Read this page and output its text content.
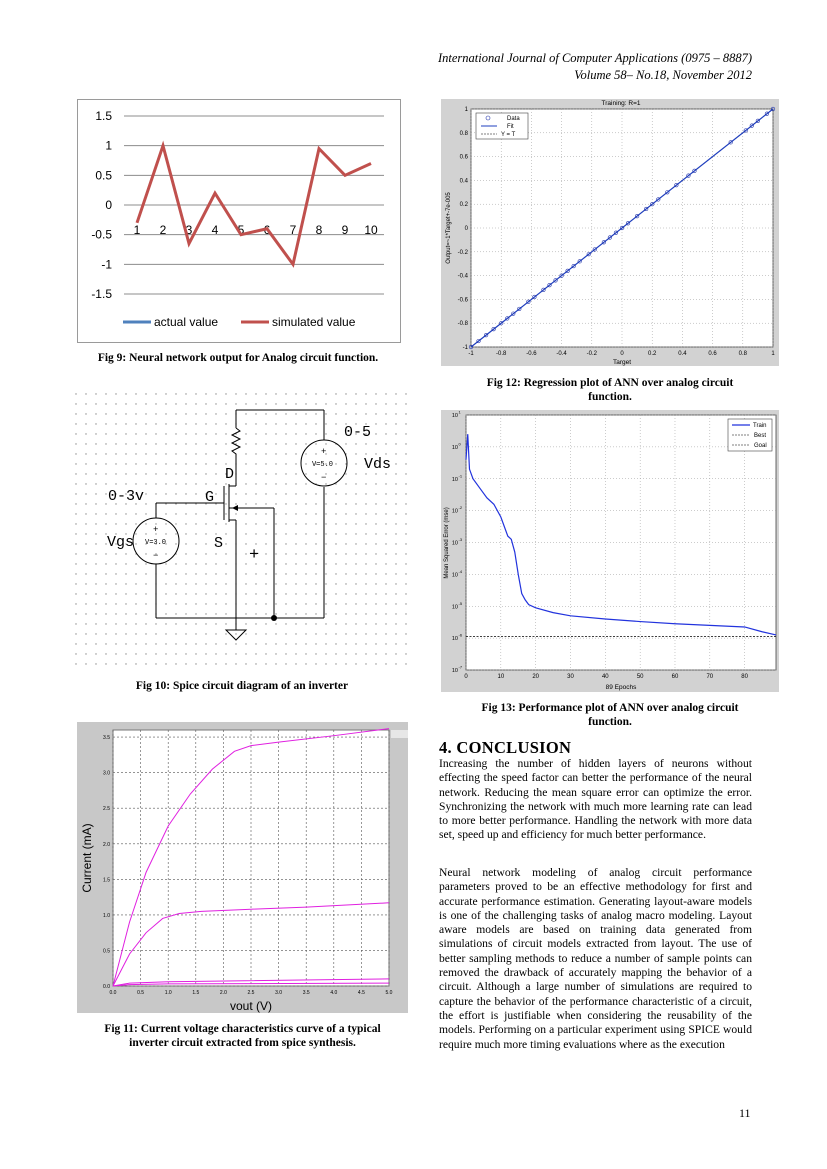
International Journal of Computer Applications (0975 – 8887)
Volume 58– No.18, November 2012
1.5
1
0.5
0
-0.5
-1
-1.5
1 2 3 4 5 6 7 8 9 10
actual value	simulated value
Fig 9: Neural network output for Analog circuit function.
+
−
V=5.0
+
−
V=3.0
0-5
Vds
0-3v
Vgs
D
G
S
+
Fig 10: Spice circuit diagram of an inverter
0.0	0.5	1.0	1.5	2.0	2.5	3.0	3.5	4.0	4.5	5.0
0.0
0.5
1.0
1.5
2.0
2.5
3.0
3.5
vout (V)
Current (mA)
Fig 11: Current voltage characteristics curve of a typical
inverter circuit extracted from spice synthesis.
Training: R=1
-1	-0.8	-0.6	-0.4	-0.2	0	0.2	0.4	0.6	0.8	1
1
0.8
0.6
0.4
0.2
0
-0.2
-0.4
-0.6
-0.8
-1
Data
Fit
Y = T
Target
Output=~1*Target+-7e-005
Fig 12: Regression plot of ANN over analog circuit
function.
0	10	20	30	40	50	60	70	80
10
1
10
0
10
-1
10
-2
10
-3
10
-4
10
-5
10
-6
10
-7
Train
Best
Goal
89 Epochs
Mean Squared Error (mse)
Fig 13: Performance plot of ANN over analog circuit
function.
4. CONCLUSION
Increasing the number of hidden layers of neurons without effecting the speed factor can better the performance of the neural network. Reducing the mean square error can optimize the error. Synchronizing the network with much more learning rate can lead to more better performance. Handling the network with more data set, speed up and efficiency for much better performance.
Neural network modeling of analog circuit performance parameters proved to be an effective methodology for first and accurate performance estimation. Generating layout-aware models is one of the challenging tasks of analog macro modeling. Layout aware models are based on training data generated from simulations of circuit models extracted from layout. The use of better sampling methods to reduce a number of sample points can removed the drawback of accurately mapping the behavior of a circuit. Although a large number of simulations are required to capture the behavior of the performance characteristic of a circuit, the effort is justifiable when considering the reusability of the models. Performing on a particular experiment using SPICE would require much more timing evaluations where as the execution
11
